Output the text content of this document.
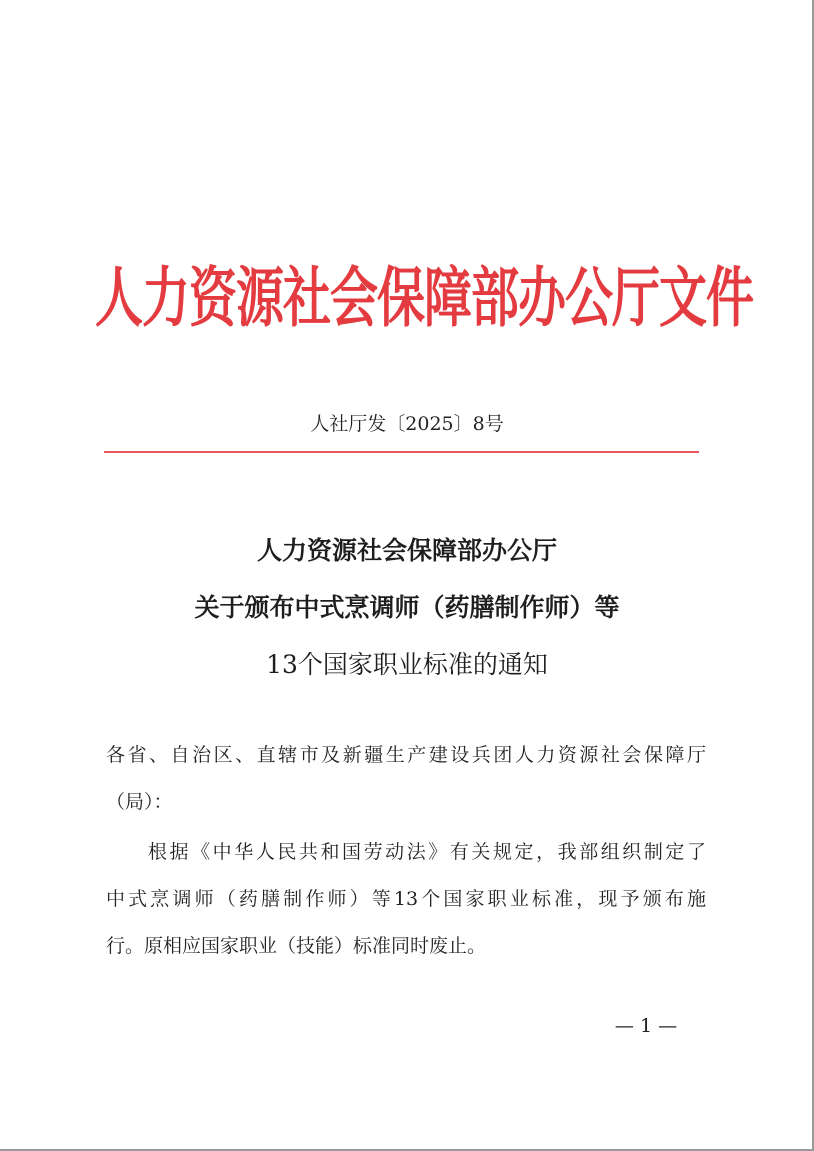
人力资源社会保障部办公厅文件
人社厅发〔2025〕8号
人力资源社会保障部办公厅
关于颁布中式烹调师（药膳制作师）等
13个国家职业标准的通知
各省、自治区、直辖市及新疆生产建设兵团人力资源社会保障厅
（局）：
根据《中华人民共和国劳动法》有关规定，我部组织制定了
中式烹调师（药膳制作师）等13个国家职业标准，现予颁布施
行。原相应国家职业（技能）标准同时废止。
— 1 —
